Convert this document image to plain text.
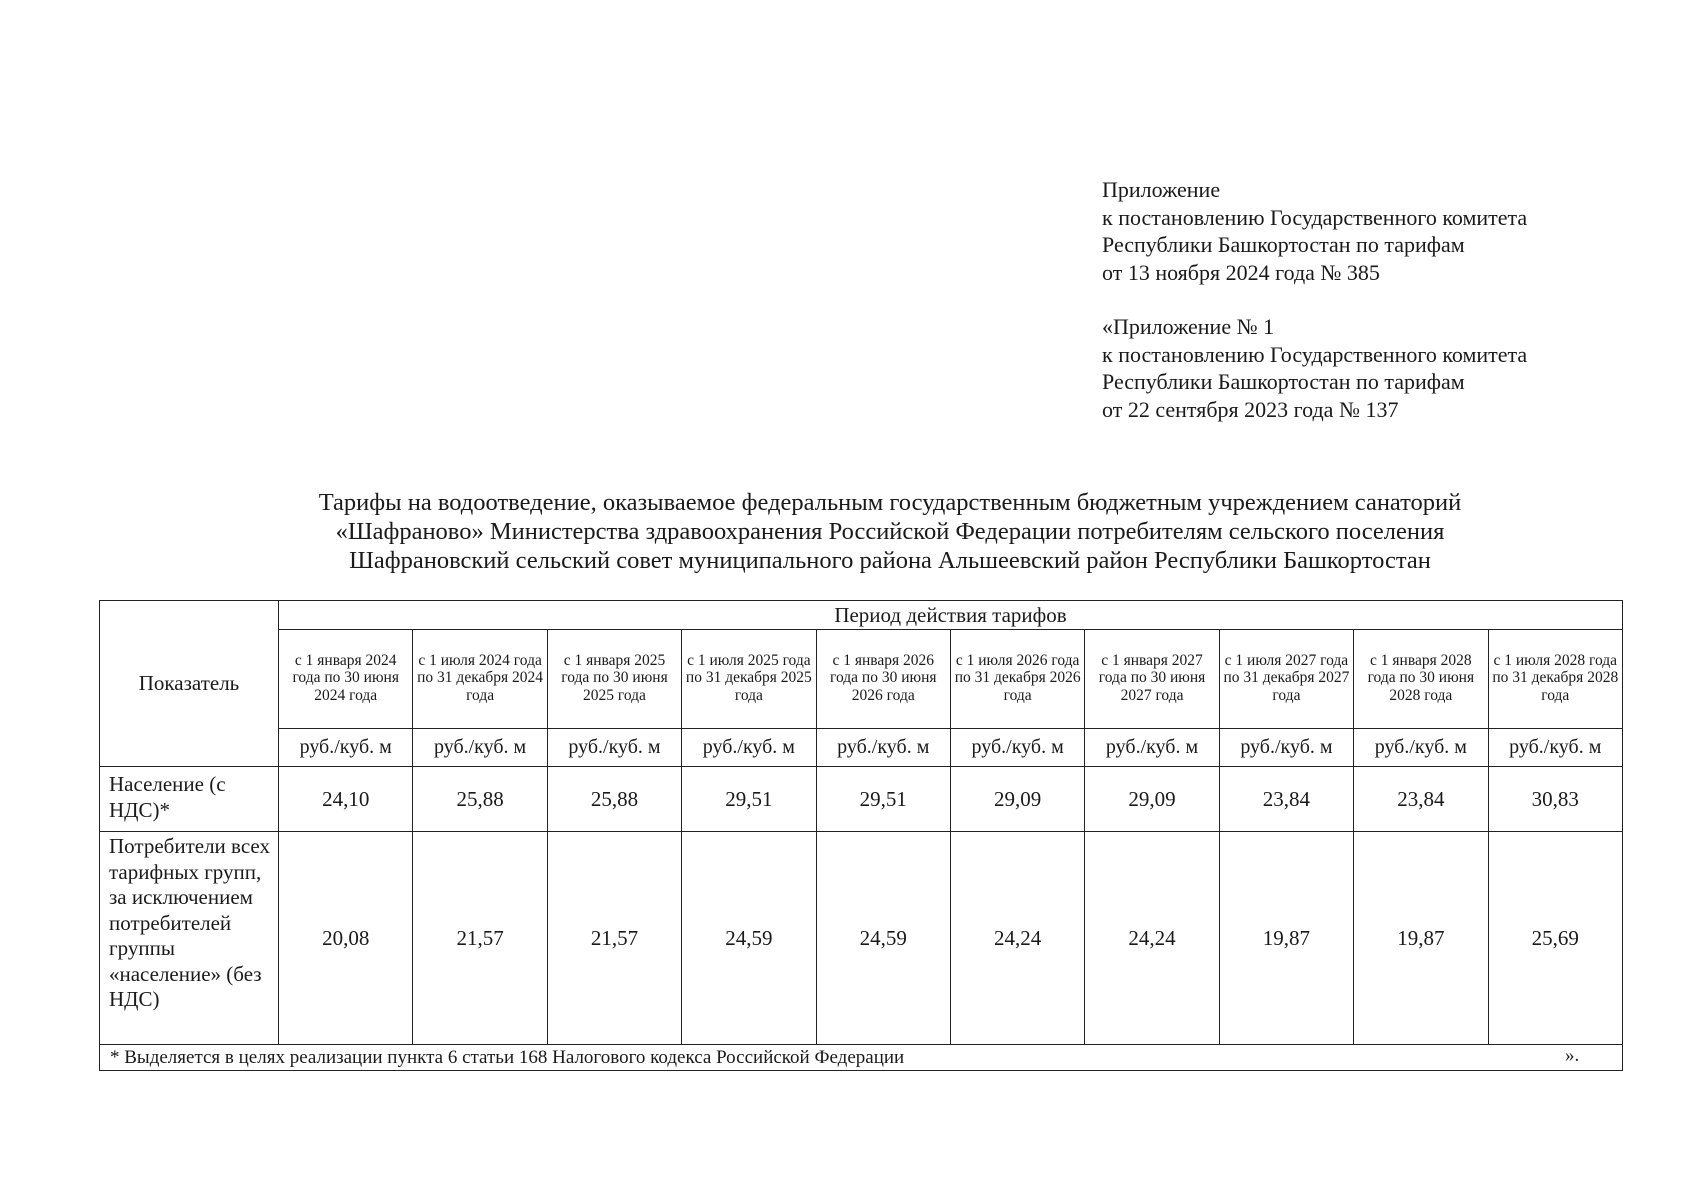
Приложение
к постановлению Государственного комитета
Республики Башкортостан по тарифам
от 13 ноября 2024 года № 385
«Приложение № 1
к постановлению Государственного комитета
Республики Башкортостан по тарифам
от 22 сентября 2023 года № 137
Тарифы на водоотведение, оказываемое федеральным государственным бюджетным учреждением санаторий
«Шафраново» Министерства здравоохранения Российской Федерации потребителям сельского поселения
Шафрановский сельский совет муниципального района Альшеевский район Республики Башкортостан
Показатель	Период действия тарифов									
	с 1 января 2024 года по 30 июня 2024 года	с 1 июля 2024 года по 31 декабря 2024 года	с 1 января 2025 года по 30 июня 2025 года	с 1 июля 2025 года по 31 декабря 2025 года	с 1 января 2026 года по 30 июня 2026 года	с 1 июля 2026 года по 31 декабря 2026 года	с 1 января 2027 года по 30 июня 2027 года	с 1 июля 2027 года по 31 декабря 2027 года	с 1 января 2028 года по 30 июня 2028 года	с 1 июля 2028 года по 31 декабря 2028 года
	руб./куб. м	руб./куб. м	руб./куб. м	руб./куб. м	руб./куб. м	руб./куб. м	руб./куб. м	руб./куб. м	руб./куб. м	руб./куб. м
Население (с НДС)*	24,10	25,88	25,88	29,51	29,51	29,09	29,09	23,84	23,84	30,83
Потребители всех тарифных групп, за исключением потребителей группы «население» (без НДС)	20,08	21,57	21,57	24,59	24,59	24,24	24,24	19,87	19,87	25,69
* Выделяется в целях реализации пункта 6 статьи 168 Налогового кодекса Российской Федерации											».
